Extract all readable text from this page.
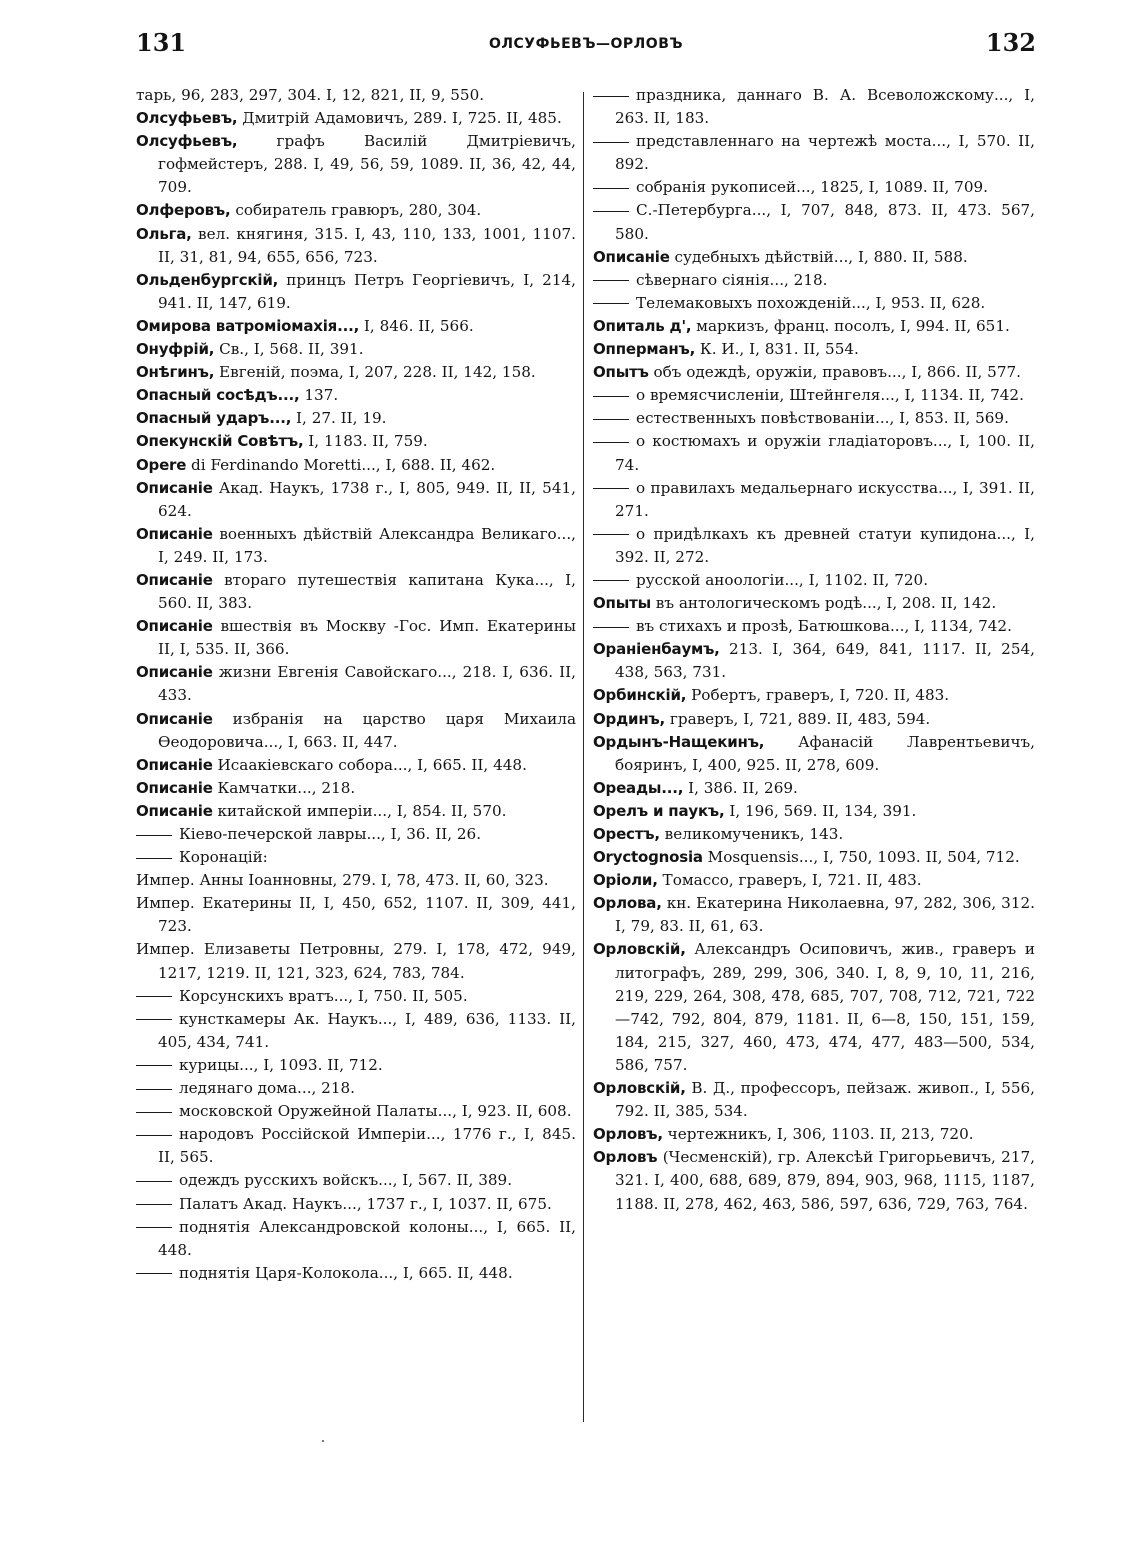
131	ОЛСУФЬЕВЪ—ОРЛОВЪ	132
тарь, 96, 283, 297, 304. I, 12, 821, II, 9, 550.
Олсуфьевъ, Дмитрій Адамовичъ, 289. I, 725. II, 485.
Олсуфьевъ, графъ Василій Дмитріевичъ, гофмейстеръ, 288. I, 49, 56, 59, 1089. II, 36, 42, 44, 709.
Олферовъ, собиратель гравюръ, 280, 304.
Ольга, вел. княгиня, 315. I, 43, 110, 133, 1001, 1107. II, 31, 81, 94, 655, 656, 723.
Ольденбургскій, принцъ Петръ Георгіевичъ, I, 214, 941. II, 147, 619.
Омирова ватроміомахія..., I, 846. II, 566.
Онуфрій, Св., I, 568. II, 391.
Онѣгинъ, Евгеній, поэма, I, 207, 228. II, 142, 158.
Опасный сосѣдъ..., 137.
Опасный ударъ..., I, 27. II, 19.
Опекунскій Совѣтъ, I, 1183. II, 759.
Opere di Ferdinando Moretti..., I, 688. II, 462.
Описаніе Акад. Наукъ, 1738 г., I, 805, 949. II, II, 541, 624.
Описаніе военныхъ дѣйствій Александра Великаго..., I, 249. II, 173.
Описаніе втораго путешествія капитана Кука..., I, 560. II, 383.
Описаніе вшествія въ Москву -Гос. Имп. Екатерины II, I, 535. II, 366.
Описаніе жизни Евгенія Савойскаго..., 218. I, 636. II, 433.
Описаніе избранія на царство царя Михаила Өеодоровича..., I, 663. II, 447.
Описаніе Исаакіевскаго собора..., I, 665. II, 448.
Описаніе Камчатки..., 218.
Описаніе китайской имперіи..., I, 854. II, 570.
Кіево-печерской лавры..., I, 36. II, 26.
Коронацій:
Импер. Анны Іоанновны, 279. I, 78, 473. II, 60, 323.
Импер. Екатерины II, I, 450, 652, 1107. II, 309, 441, 723.
Импер. Елизаветы Петровны, 279. I, 178, 472, 949, 1217, 1219. II, 121, 323, 624, 783, 784.
Корсунскихъ вратъ..., I, 750. II, 505.
кунсткамеры Ак. Наукъ..., I, 489, 636, 1133. II, 405, 434, 741.
курицы..., I, 1093. II, 712.
ледянаго дома..., 218.
московской Оружейной Палаты..., I, 923. II, 608.
народовъ Россійской Имперіи..., 1776 г., I, 845. II, 565.
одеждъ русскихъ войскъ..., I, 567. II, 389.
Палатъ Акад. Наукъ..., 1737 г., I, 1037. II, 675.
поднятія Александровской колоны..., I, 665. II, 448.
поднятія Царя-Колокола..., I, 665. II, 448.
праздника, даннаго В. А. Всеволожскому..., I, 263. II, 183.
представленнаго на чертежѣ моста..., I, 570. II, 892.
собранія рукописей..., 1825, I, 1089. II, 709.
С.-Петербурга..., I, 707, 848, 873. II, 473. 567, 580.
Описаніе судебныхъ дѣйствій..., I, 880. II, 588.
сѣвернаго сіянія..., 218.
Телемаковыхъ похожденій..., I, 953. II, 628.
Опиталь д', маркизъ, франц. посолъ, I, 994. II, 651.
Опперманъ, К. И., I, 831. II, 554.
Опытъ объ одеждѣ, оружіи, правовъ..., I, 866. II, 577.
о времясчисленіи, Штейнгеля..., I, 1134. II, 742.
естественныхъ повѣствованіи..., I, 853. II, 569.
о костюмахъ и оружіи гладіаторовъ..., I, 100. II, 74.
о правилахъ медальернаго искусства..., I, 391. II, 271.
о придѣлкахъ къ древней статуи купидона..., I, 392. II, 272.
русской аноологіи..., I, 1102. II, 720.
Опыты въ антологическомъ родѣ..., I, 208. II, 142.
въ стихахъ и прозѣ, Батюшкова..., I, 1134, 742.
Ораніенбаумъ, 213. I, 364, 649, 841, 1117. II, 254, 438, 563, 731.
Орбинскій, Робертъ, граверъ, I, 720. II, 483.
Ординъ, граверъ, I, 721, 889. II, 483, 594.
Ордынъ-Нащекинъ, Афанасій Лаврентьевичъ, бояринъ, I, 400, 925. II, 278, 609.
Ореады..., I, 386. II, 269.
Орелъ и паукъ, I, 196, 569. II, 134, 391.
Орестъ, великомученикъ, 143.
Oryctoɡnosia Mosquensis..., I, 750, 1093. II, 504, 712.
Оріоли, Томассо, граверъ, I, 721. II, 483.
Орлова, кн. Екатерина Николаевна, 97, 282, 306, 312. I, 79, 83. II, 61, 63.
Орловскій, Александръ Осиповичъ, жив., граверъ и литографъ, 289, 299, 306, 340. I, 8, 9, 10, 11, 216, 219, 229, 264, 308, 478, 685, 707, 708, 712, 721, 722—742, 792, 804, 879, 1181. II, 6—8, 150, 151, 159, 184, 215, 327, 460, 473, 474, 477, 483—500, 534, 586, 757.
Орловскій, В. Д., профессоръ, пейзаж. живоп., I, 556, 792. II, 385, 534.
Орловъ, чертежникъ, I, 306, 1103. II, 213, 720.
Орловъ (Чесменскій), гр. Алексѣй Григорьевичъ, 217, 321. I, 400, 688, 689, 879, 894, 903, 968, 1115, 1187, 1188. II, 278, 462, 463, 586, 597, 636, 729, 763, 764.
